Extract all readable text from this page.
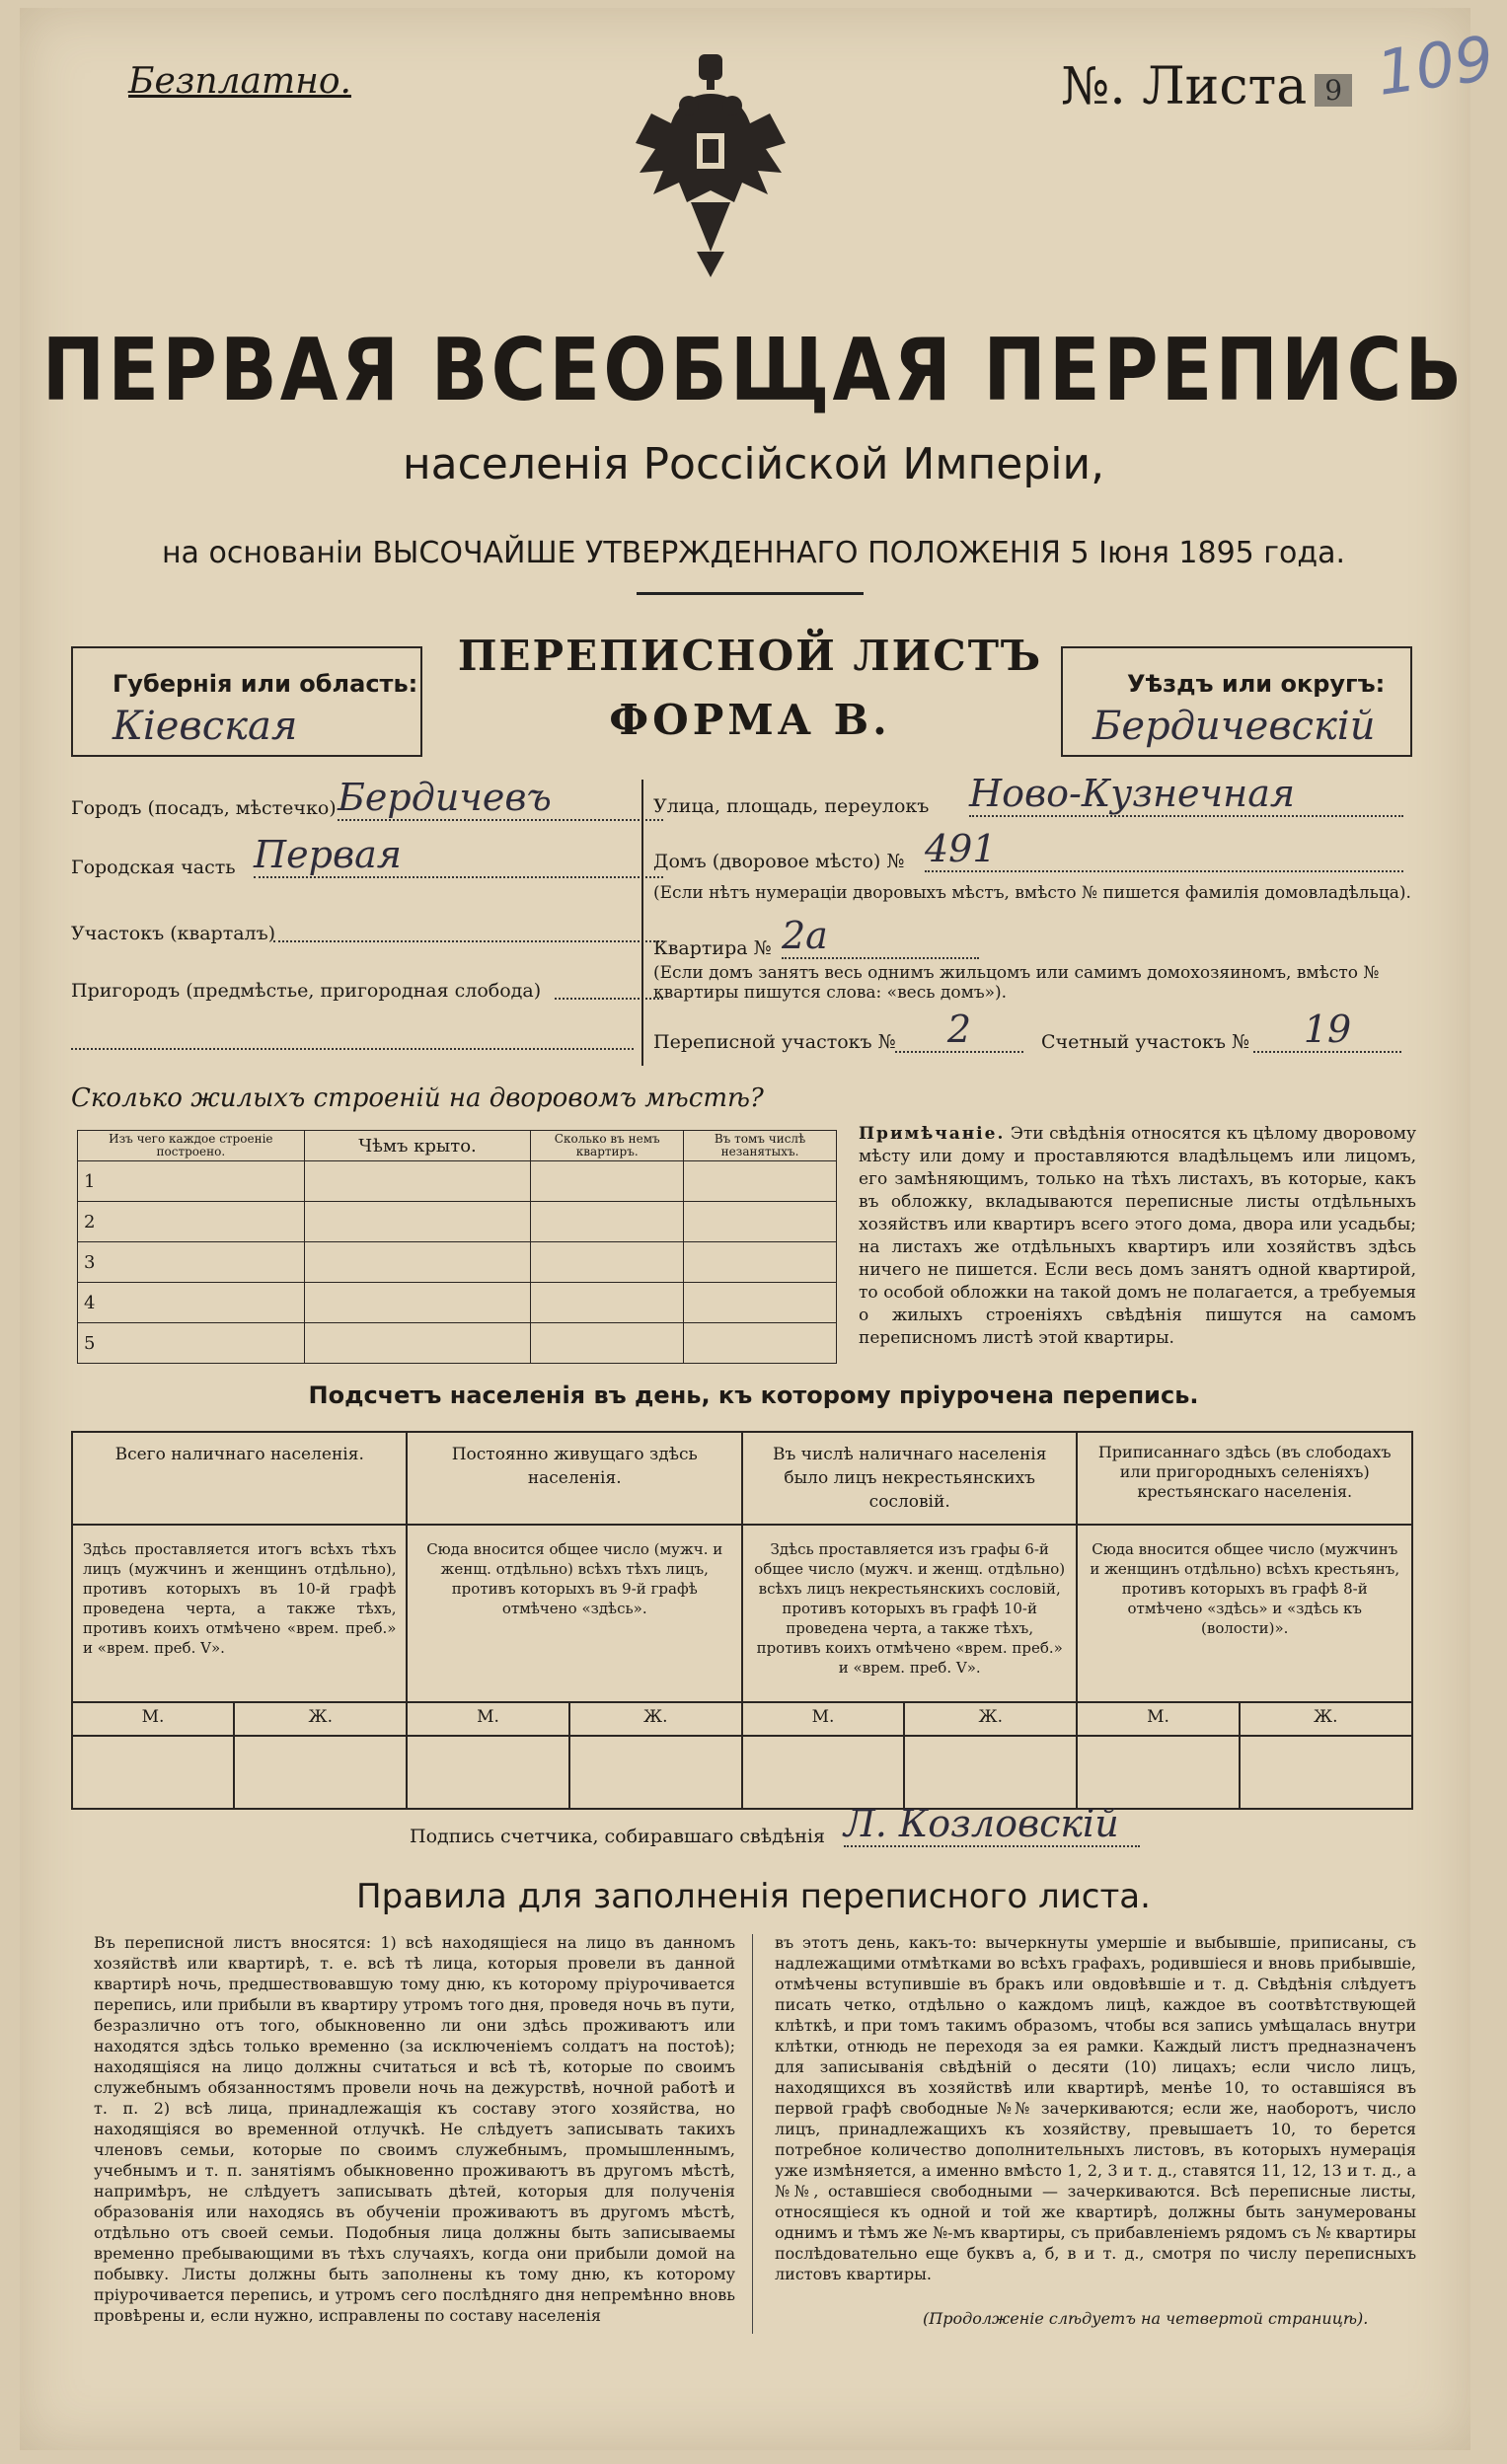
Безплатно.	№. Листа 9 109
ПЕРВАЯ ВСЕОБЩАЯ ПЕРЕПИСЬ
населенія Россійской Имперіи,
на основаніи ВЫСОЧАЙШЕ УТВЕРЖДЕННАГО ПОЛОЖЕНІЯ 5 Іюня 1895 года.
Губернія или область:
Кіевская
ПЕРЕПИСНОЙ ЛИСТЪ
ФОРМА В.
Уѣздъ или округъ:
Бердичевскій
Городъ (посадъ, мѣстечко) Бердичевъ
Городская часть Первая
Участокъ (кварталъ)
Пригородъ (предмѣстье, пригородная слобода)
Улица, площадь, переулокъ Ново-Кузнечная
Домъ (дворовое мѣсто) № 491
(Если нѣтъ нумераціи дворовыхъ мѣстъ, вмѣсто № пишется фамилія домовладѣльца).
Квартира № 2а
(Если домъ занятъ весь однимъ жильцомъ или самимъ домохозяиномъ, вмѣсто № квартиры пишутся слова: «весь домъ»).
Переписной участокъ №	2	Счетный участокъ №	19
Сколько жилыхъ строеній на дворовомъ мѣстѣ?
Изъ чего каждое строеніе построено.	Чѣмъ крыто.	Сколько въ немъ квартиръ.	Въ томъ числѣ незанятыхъ.
1			
2			
3			
4			
5			
Примѣчаніе. Эти свѣдѣнія относятся къ цѣлому дворовому мѣсту или дому и проставляются владѣльцемъ или лицомъ, его замѣняющимъ, только на тѣхъ листахъ, въ которые, какъ въ обложку, вкладываются переписные листы отдѣльныхъ хозяйствъ или квартиръ всего этого дома, двора или усадьбы; на листахъ же отдѣльныхъ квартиръ или хозяйствъ здѣсь ничего не пишется. Если весь домъ занятъ одной квартирой, то особой обложки на такой домъ не полагается, а требуемыя о жилыхъ строеніяхъ свѣдѣнія пишутся на самомъ переписномъ листѣ этой квартиры.
Подсчетъ населенія въ день, къ которому пріурочена перепись.
Всего наличнаго населенія.		Постоянно живущаго здѣсь населенія.		Въ числѣ наличнаго населенія было лицъ некрестьянскихъ сословій.		Приписаннаго здѣсь (въ слободахъ или пригородныхъ селеніяхъ) крестьянскаго населенія.	
Здѣсь проставляется итогъ всѣхъ тѣхъ лицъ (мужчинъ и женщинъ отдѣльно), противъ которыхъ въ 10-й графѣ проведена черта, а также тѣхъ, противъ коихъ отмѣчено «врем. преб.» и «врем. преб. V».		Сюда вносится общее число (мужч. и женщ. отдѣльно) всѣхъ тѣхъ лицъ, противъ которыхъ въ 9-й графѣ отмѣчено «здѣсь».		Здѣсь проставляется изъ графы 6-й общее число (мужч. и женщ. отдѣльно) всѣхъ лицъ некрестьянскихъ сословій, противъ которыхъ въ графѣ 10-й проведена черта, а также тѣхъ, противъ коихъ отмѣчено «врем. преб.» и «врем. преб. V».		Сюда вносится общее число (мужчинъ и женщинъ отдѣльно) всѣхъ крестьянъ, противъ которыхъ въ графѣ 8-й отмѣчено «здѣсь» и «здѣсь къ (волости)».	
М.	Ж.	М.	Ж.	М.	Ж.	М.	Ж.

Подпись счетчика, собиравшаго свѣдѣнія Л. Козловскій
Правила для заполненія переписного листа.
Въ переписной листъ вносятся: 1) всѣ находящіеся на лицо въ данномъ хозяйствѣ или квартирѣ, т. е. всѣ тѣ лица, которыя провели въ данной квартирѣ ночь, предшествовавшую тому дню, къ которому пріурочивается перепись, или прибыли въ квартиру утромъ того дня, проведя ночь въ пути, безразлично отъ того, обыкновенно ли они здѣсь проживаютъ или находятся здѣсь только временно (за исключеніемъ солдатъ на постоѣ); находящіяся на лицо должны считаться и всѣ тѣ, которые по своимъ служебнымъ обязанностямъ провели ночь на дежурствѣ, ночной работѣ и т. п. 2) всѣ лица, принадлежащія къ составу этого хозяйства, но находящіяся во временной отлучкѣ. Не слѣдуетъ записывать такихъ членовъ семьи, которые по своимъ служебнымъ, промышленнымъ, учебнымъ и т. п. занятіямъ обыкновенно проживаютъ въ другомъ мѣстѣ, напримѣръ, не слѣдуетъ записывать дѣтей, которыя для полученія образованія или находясь въ обученіи проживаютъ въ другомъ мѣстѣ, отдѣльно отъ своей семьи. Подобныя лица должны быть записываемы временно пребывающими въ тѣхъ случаяхъ, когда они прибыли домой на побывку. Листы должны быть заполнены къ тому дню, къ которому пріурочивается перепись, и утромъ сего послѣдняго дня непремѣнно вновь провѣрены и, если нужно, исправлены по составу населенія
въ этотъ день, какъ-то: вычеркнуты умершіе и выбывшіе, приписаны, съ надлежащими отмѣтками во всѣхъ графахъ, родившіеся и вновь прибывшіе, отмѣчены вступившіе въ бракъ или овдовѣвшіе и т. д. Свѣдѣнія слѣдуетъ писать четко, отдѣльно о каждомъ лицѣ, каждое въ соотвѣтствующей клѣткѣ, и при томъ такимъ образомъ, чтобы вся запись умѣщалась внутри клѣтки, отнюдь не переходя за ея рамки. Каждый листъ предназначенъ для записыванія свѣдѣній о десяти (10) лицахъ; если число лицъ, находящихся въ хозяйствѣ или квартирѣ, менѣе 10, то оставшіяся въ первой графѣ свободные №№ зачеркиваются; если же, наоборотъ, число лицъ, принадлежащихъ къ хозяйству, превышаетъ 10, то берется потребное количество дополнительныхъ листовъ, въ которыхъ нумерація уже измѣняется, а именно вмѣсто 1, 2, 3 и т. д., ставятся 11, 12, 13 и т. д., а №№, оставшіеся свободными — зачеркиваются. Всѣ переписные листы, относящіеся къ одной и той же квартирѣ, должны быть занумерованы однимъ и тѣмъ же №-мъ квартиры, съ прибавленіемъ рядомъ съ № квартиры послѣдовательно еще буквъ а, б, в и т. д., смотря по числу переписныхъ листовъ квартиры.
(Продолженіе слѣдуетъ на четвертой страницѣ).
